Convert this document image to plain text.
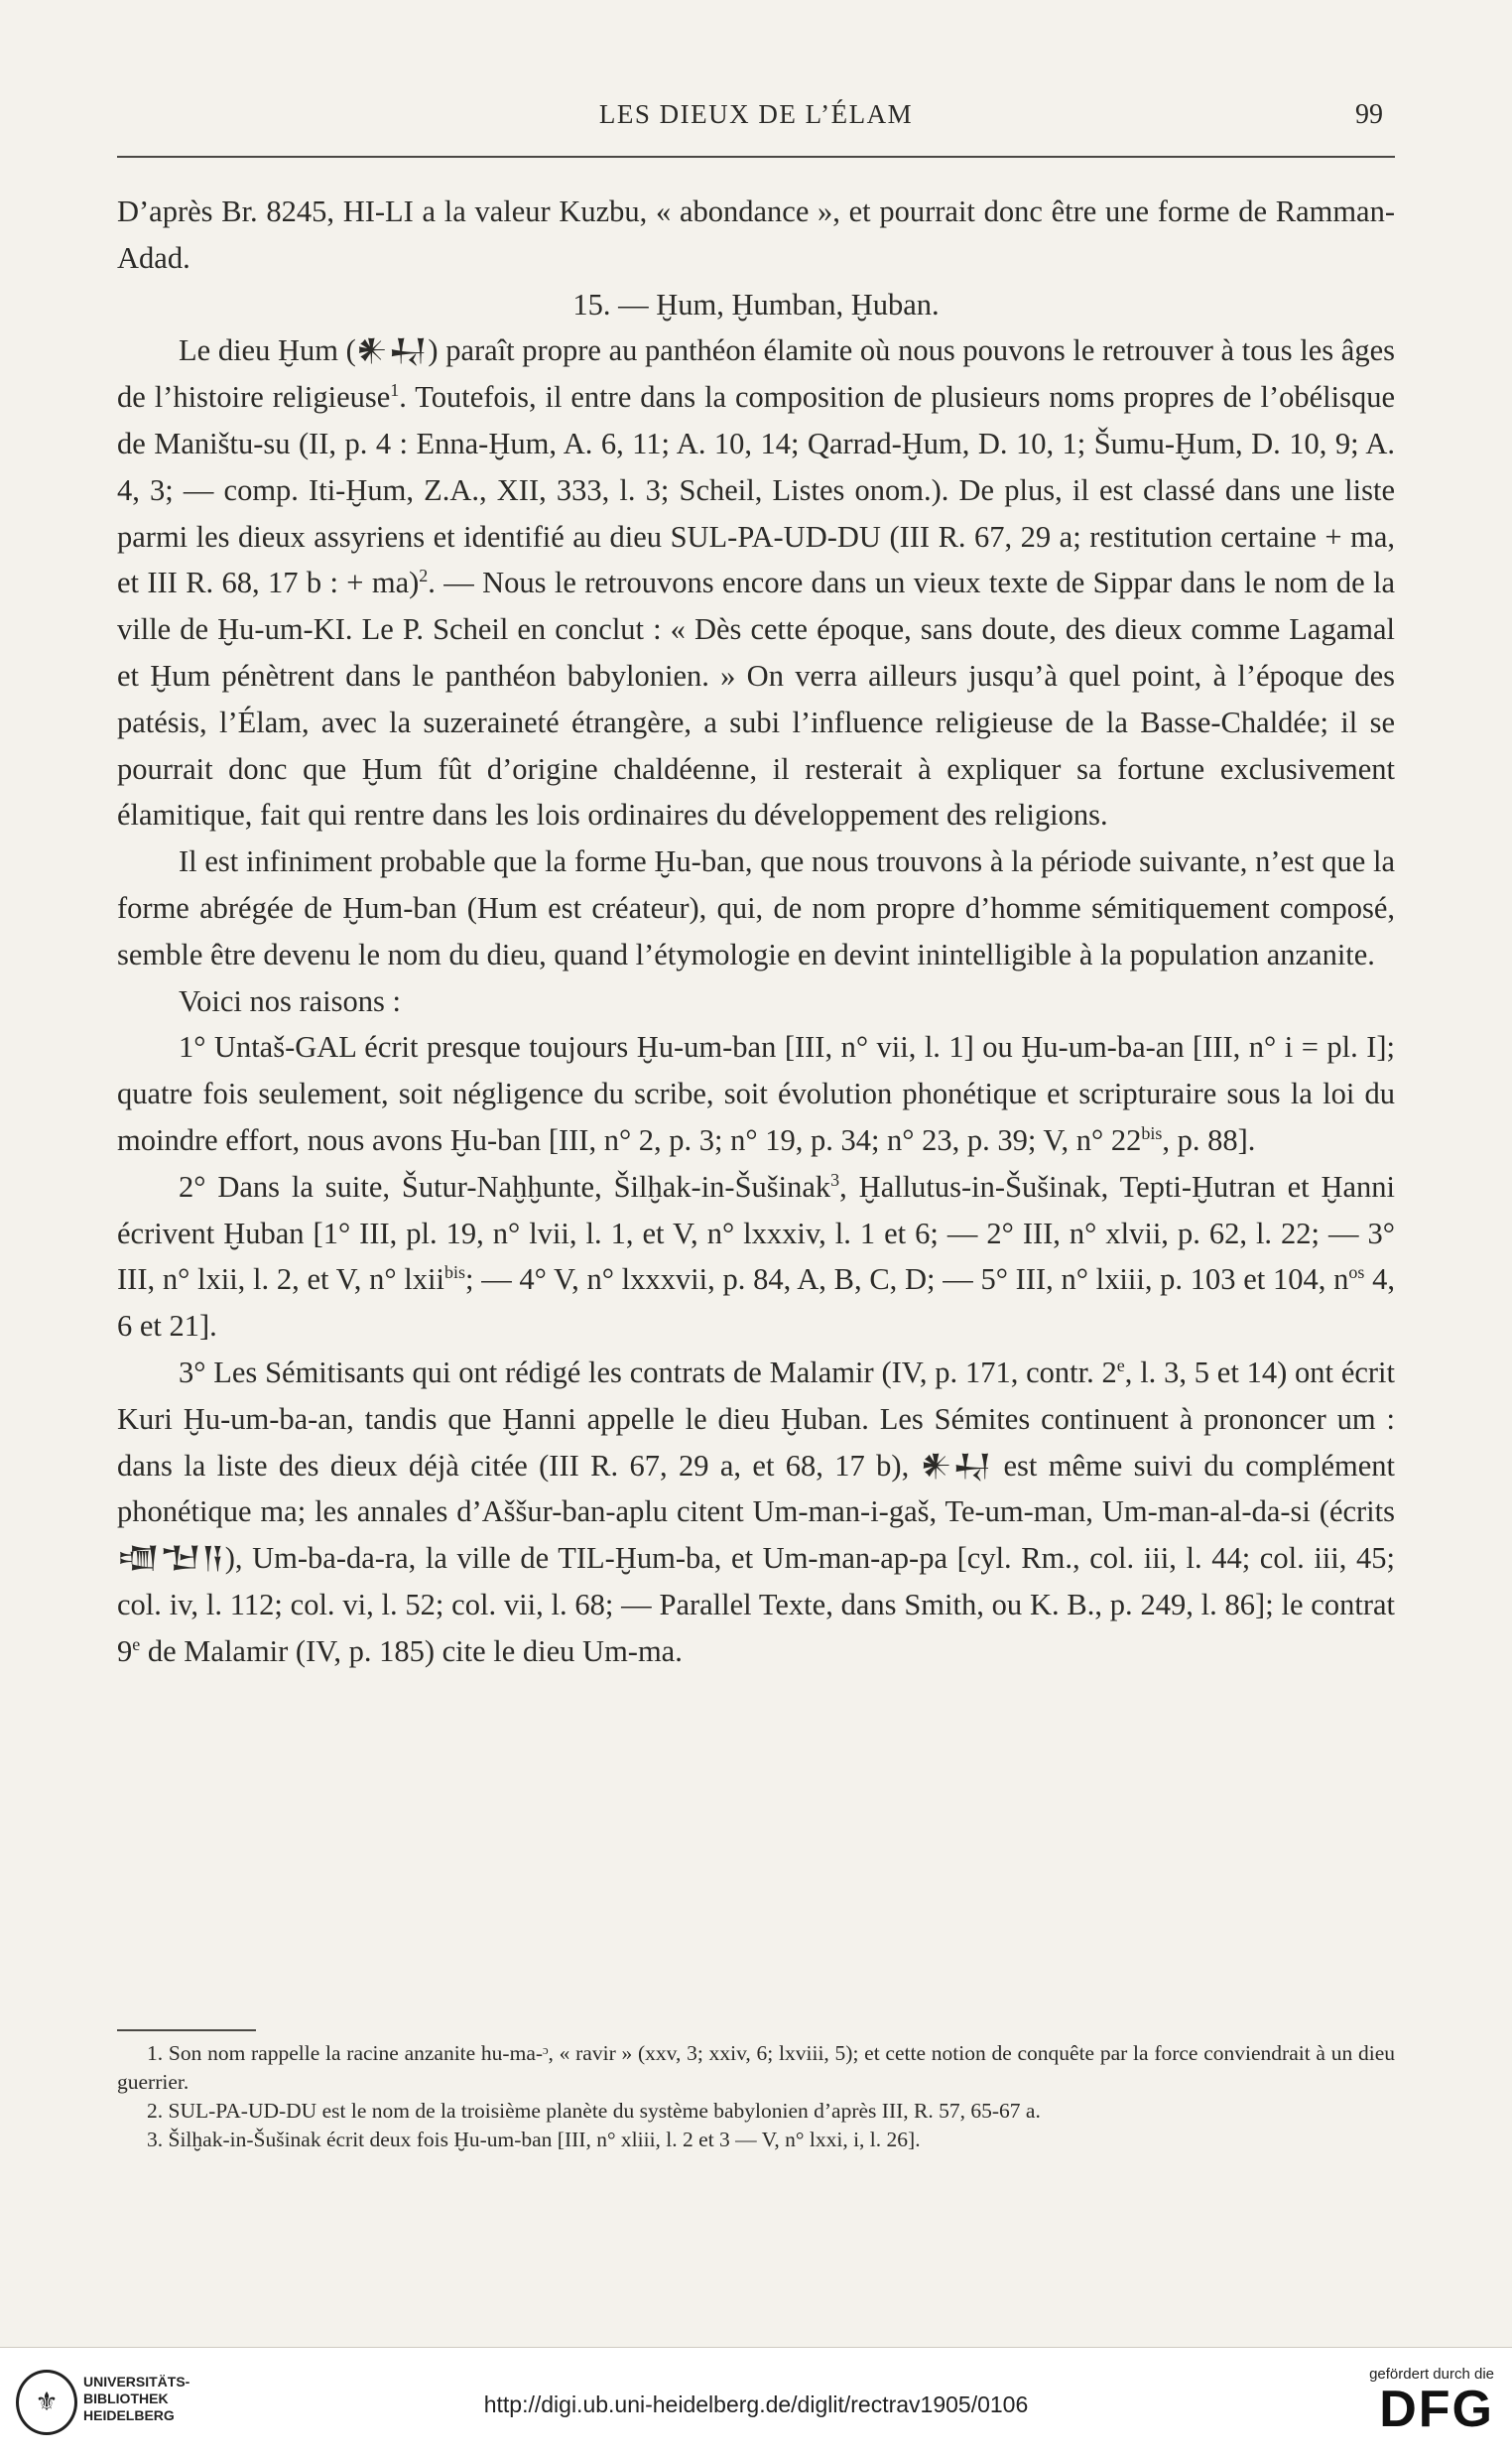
LES DIEUX DE L’ÉLAM	99

D’après Br. 8245, HI-LI a la valeur Kuzbu, « abondance », et pourrait donc être une forme de Ramman-Adad.

15. — Ḫum, Ḫumban, Ḫuban.

Le dieu Ḫum (𒀭𒄷) paraît propre au panthéon élamite où nous pouvons le retrouver à tous les âges de l’histoire religieuse$^1$. Toutefois, il entre dans la composition de plusieurs noms propres de l’obélisque de Maništu-su (II, p. 4 : Enna-Ḫum, A. 6, 11; A. 10, 14; Qarrad-Ḫum, D. 10, 1; Šumu-Ḫum, D. 10, 9; A. 4, 3; — comp. Iti-Ḫum, Z.A., XII, 333, l. 3; Scheil, Listes onom.). De plus, il est classé dans une liste parmi les dieux assyriens et identifié au dieu SUL-PA-UD-DU (III R. 67, 29 a; restitution certaine + ma, et III R. 68, 17 b : + ma)$^2$. — Nous le retrouvons encore dans un vieux texte de Sippar dans le nom de la ville de Ḫu-um-KI. Le P. Scheil en conclut : « Dès cette époque, sans doute, des dieux comme Lagamal et Ḫum pénètrent dans le panthéon babylonien. » On verra ailleurs jusqu’à quel point, à l’époque des patésis, l’Élam, avec la suzeraineté étrangère, a subi l’influence religieuse de la Basse-Chaldée; il se pourrait donc que Ḫum fût d’origine chaldéenne, il resterait à expliquer sa fortune exclusivement élamitique, fait qui rentre dans les lois ordinaires du développement des religions.

Il est infiniment probable que la forme Ḫu-ban, que nous trouvons à la période suivante, n’est que la forme abrégée de Ḫum-ban (Hum est créateur), qui, de nom propre d’homme sémitiquement composé, semble être devenu le nom du dieu, quand l’étymologie en devint inintelligible à la population anzanite.

Voici nos raisons :

1° Untaš-GAL écrit presque toujours Ḫu-um-ban [III, n° vii, l. 1] ou Ḫu-um-ba-an [III, n° i = pl. I]; quatre fois seulement, soit négligence du scribe, soit évolution phonétique et scripturaire sous la loi du moindre effort, nous avons Ḫu-ban [III, n° 2, p. 3; n° 19, p. 34; n° 23, p. 39; V, n° $22^{bis}$, p. 88].

2° Dans la suite, Šutur-Naḫḫunte, Šilḫak-in-Šušinak$^3$, Ḫallutus-in-Šušinak, Tepti-Ḫutran et Ḫanni écrivent Ḫuban [1° III, pl. 19, n° lvii, l. 1, et V, n° lxxxiv, l. 1 et 6; — 2° III, n° xlvii, p. 62, l. 22; — 3° III, n° lxii, l. 2, et V, n° lxii$^{bis}$; — 4° V, n° lxxxvii, p. 84, A, B, C, D; — 5° III, n° lxiii, p. 103 et 104, $n^{os}$ 4, 6 et 21].

3° Les Sémitisants qui ont rédigé les contrats de Malamir (IV, p. 171, contr. 2e, l. 3, 5 et 14) ont écrit Kuri Ḫu-um-ba-an, tandis que Ḫanni appelle le dieu Ḫuban. Les Sémites continuent à prononcer um : dans la liste des dieux déjà citée (III R. 67, 29 a, et 68, 17 b), 𒀭𒄷 est même suivi du complément phonétique ma; les annales d’Aššur-ban-aplu citent Um-man-i-gaš, Te-um-man, Um-man-al-da-si (écrits 𒌝𒈠𒀀), Um-ba-da-ra, la ville de TIL-Ḫum-ba, et Um-man-ap-pa [cyl. Rm., col. iii, l. 44; col. iii, 45; col. iv, l. 112; col. vi, l. 52; col. vii, l. 68; — Parallel Texte, dans Smith, ou K. B., p. 249, l. 86]; le contrat 9e de Malamir (IV, p. 185) cite le dieu Um-ma.

1. Son nom rappelle la racine anzanite hu-ma-ᵓ, « ravir » (xxv, 3; xxiv, 6; lxviii, 5); et cette notion de conquête par la force conviendrait à un dieu guerrier.

2. SUL-PA-UD-DU est le nom de la troisième planète du système babylonien d’après III, R. 57, 65-67 a.

3. Šilḫak-in-Šušinak écrit deux fois Ḫu-um-ban [III, n° xliii, l. 2 et 3 — V, n° lxxi, i, l. 26].

⚜
UNIVERSITÄTS-
BIBLIOTHEK
HEIDELBERG	http://digi.ub.uni-heidelberg.de/diglit/rectrav1905/0106
gefördert durch die
DFG
